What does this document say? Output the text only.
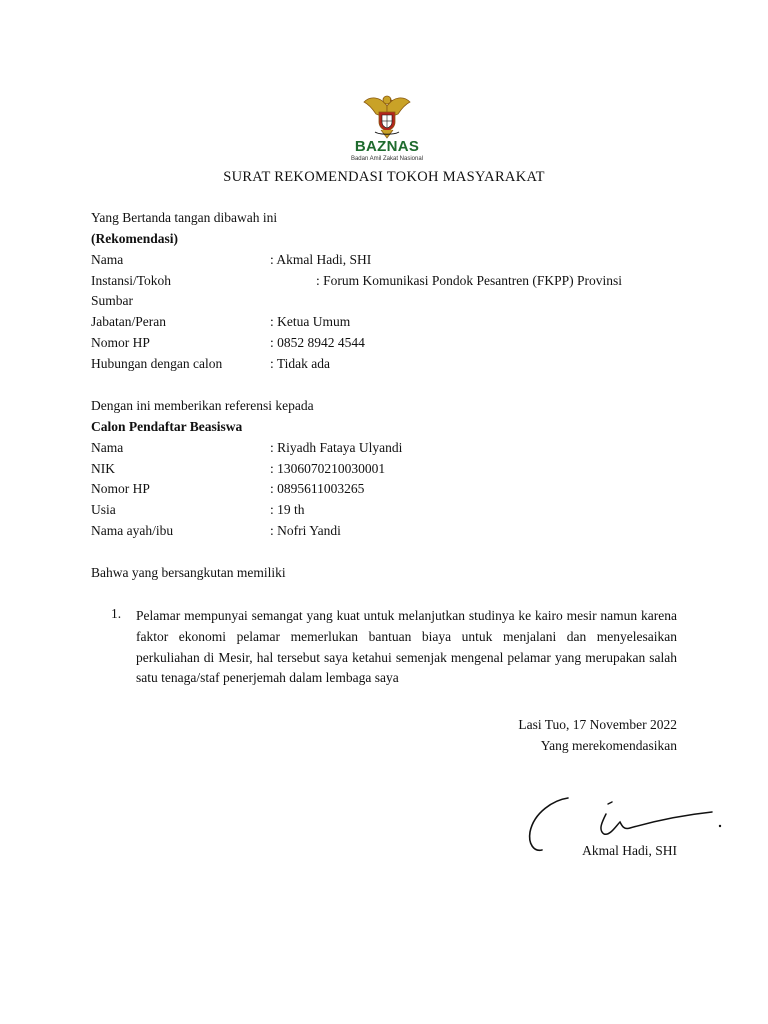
BAZNAS
Badan Amil Zakat Nasional
SURAT REKOMENDASI TOKOH MASYARAKAT
Yang Bertanda tangan dibawah ini
(Rekomendasi)
Nama	: Akmal Hadi, SHI
Instansi/Tokoh	: Forum Komunikasi Pondok Pesantren (FKPP) Provinsi
Sumbar
Jabatan/Peran	: Ketua Umum
Nomor HP	: 0852 8942 4544
Hubungan dengan calon	: Tidak ada
Dengan ini memberikan referensi kepada
Calon Pendaftar Beasiswa
Nama	: Riyadh Fataya Ulyandi
NIK	: 1306070210030001
Nomor HP	: 0895611003265
Usia	: 19 th
Nama ayah/ibu	: Nofri Yandi
Bahwa yang bersangkutan memiliki
1. Pelamar mempunyai semangat yang kuat untuk melanjutkan studinya ke kairo mesir namun karena faktor ekonomi pelamar memerlukan bantuan biaya untuk menjalani dan menyelesaikan perkuliahan di Mesir, hal tersebut saya ketahui semenjak mengenal pelamar yang merupakan salah satu tenaga/staf penerjemah dalam lembaga saya
Lasi Tuo, 17 November 2022
Yang merekomendasikan
Akmal Hadi, SHI
